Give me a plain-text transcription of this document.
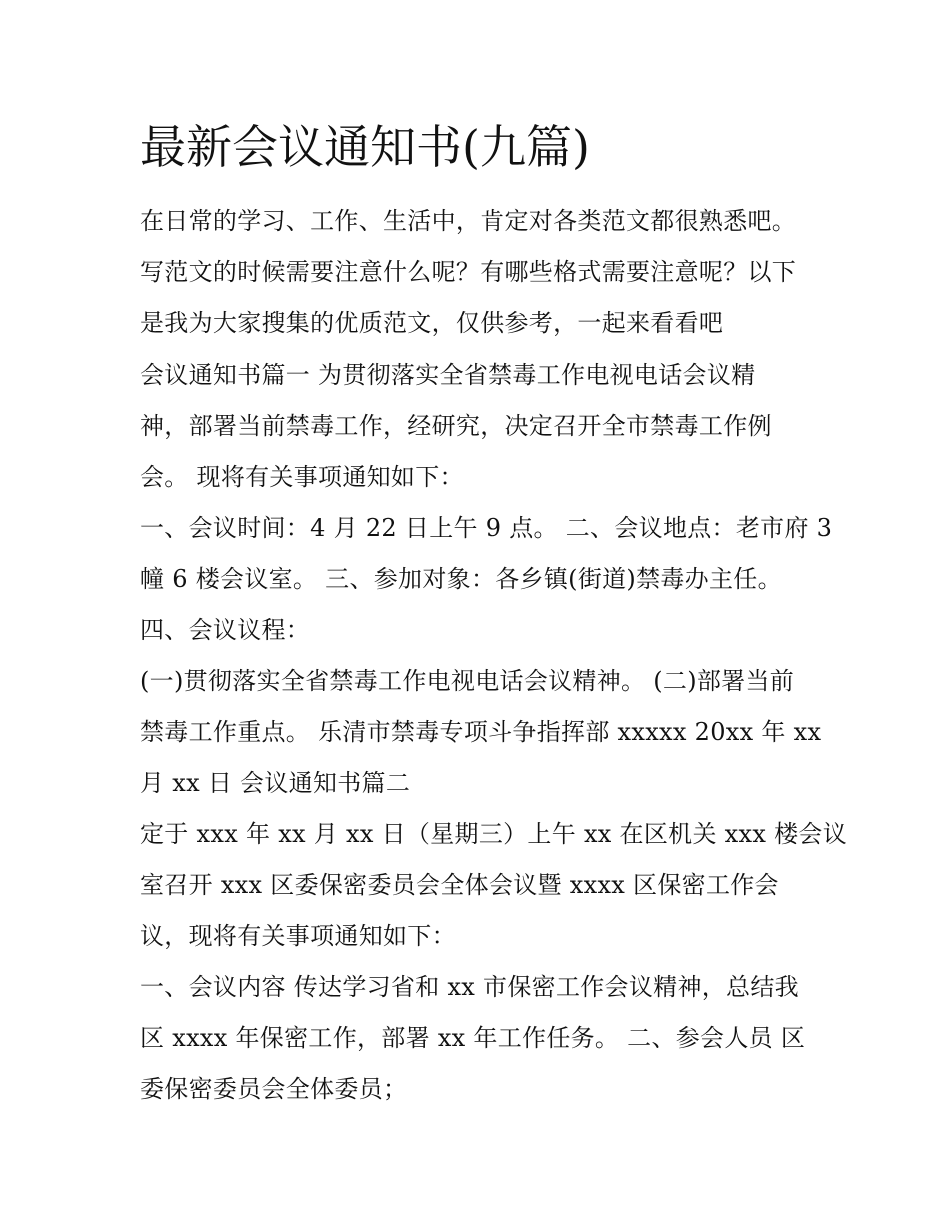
最新会议通知书(九篇)

在日常的学习、工作、生活中，肯定对各类范文都很熟悉吧。

写范文的时候需要注意什么呢？有哪些格式需要注意呢？以下

是我为大家搜集的优质范文，仅供参考，一起来看看吧

会议通知书篇一 为贯彻落实全省禁毒工作电视电话会议精

神，部署当前禁毒工作，经研究，决定召开全市禁毒工作例

会。 现将有关事项通知如下：

一、会议时间：4 月 22 日上午 9 点。 二、会议地点：老市府 3

幢 6 楼会议室。 三、参加对象：各乡镇(街道)禁毒办主任。

四、会议议程：

(一)贯彻落实全省禁毒工作电视电话会议精神。 (二)部署当前

禁毒工作重点。 乐清市禁毒专项斗争指挥部 xxxxx 20xx 年 xx

月 xx 日 会议通知书篇二

定于 xxx 年 xx 月 xx 日（星期三）上午 xx 在区机关 xxx 楼会议

室召开 xxx 区委保密委员会全体会议暨 xxxx 区保密工作会

议，现将有关事项通知如下：

一、会议内容 传达学习省和 xx 市保密工作会议精神，总结我

区 xxxx 年保密工作，部署 xx 年工作任务。 二、参会人员 区

委保密委员会全体委员；
